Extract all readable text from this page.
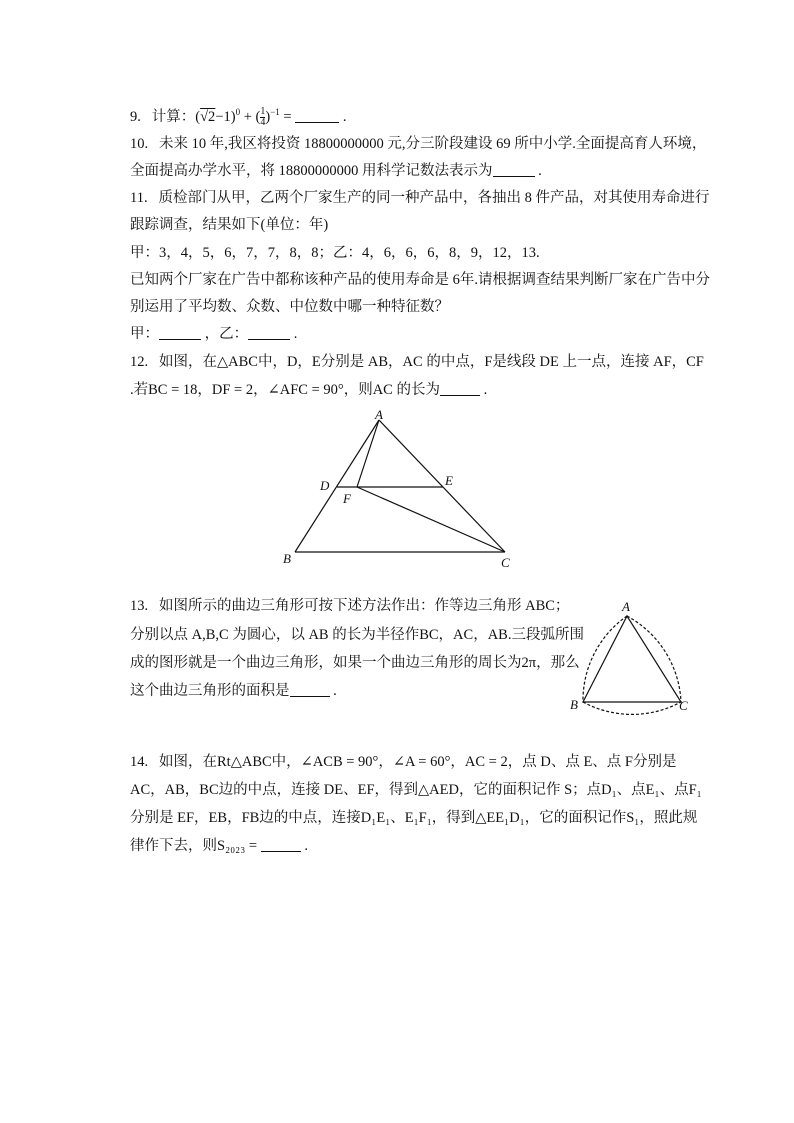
9. 计算：$(√2-1)^0$ + ( $\frac{1}{4} )^{-1}$ =	.
10. 未来 10 年,我区将投资 18800000000 元,分三阶段建设 69 所中小学.全面提高育人环境，
全面提高办学水平，将 18800000000 用科学记数法表示为	.
11. 质检部门从甲，乙两个厂家生产的同一种产品中，各抽出 8 件产品，对其使用寿命进行
跟踪调查，结果如下(单位：年)
甲：3，4，5，6，7，7，8，8；乙：4，6，6，6，8，9，12，13.
已知两个厂家在广告中都称该种产品的使用寿命是 6年.请根据调查结果判断厂家在广告中分
别运用了平均数、众数、中位数中哪一种特征数？
甲：	，乙：	.
12. 如图，在△ABC中，D，E分别是 AB，AC 的中点，F是线段 DE 上一点，连接 AF，CF
.若BC = 18，DF = 2，∠AFC = 90°，则AC 的长为	.
A
D	E
F
B	C
13. 如图所示的曲边三角形可按下述方法作出：作等边三角形 ABC；
分别以点 A,B,C 为圆心，以 AB 的长为半径作BC，AC，AB.三段弧所围
成的图形就是一个曲边三角形，如果一个曲边三角形的周长为2π，那么
这个曲边三角形的面积是	.
A
B	C
14. 如图，在Rt△ABC中，∠ACB = 90°，∠A = 60°，AC = 2，点 D、点 E、点 F分别是
AC，AB，BC边的中点，连接 DE、EF，得到△AED，它的面积记作 S；点D₁、点E₁、点F₁
分别是 EF，EB，FB边的中点，连接D₁E₁、E₁F₁，得到△EE₁D₁，它的面积记作S₁，照此规
律作下去，则S₂₀₂₃ =	.
